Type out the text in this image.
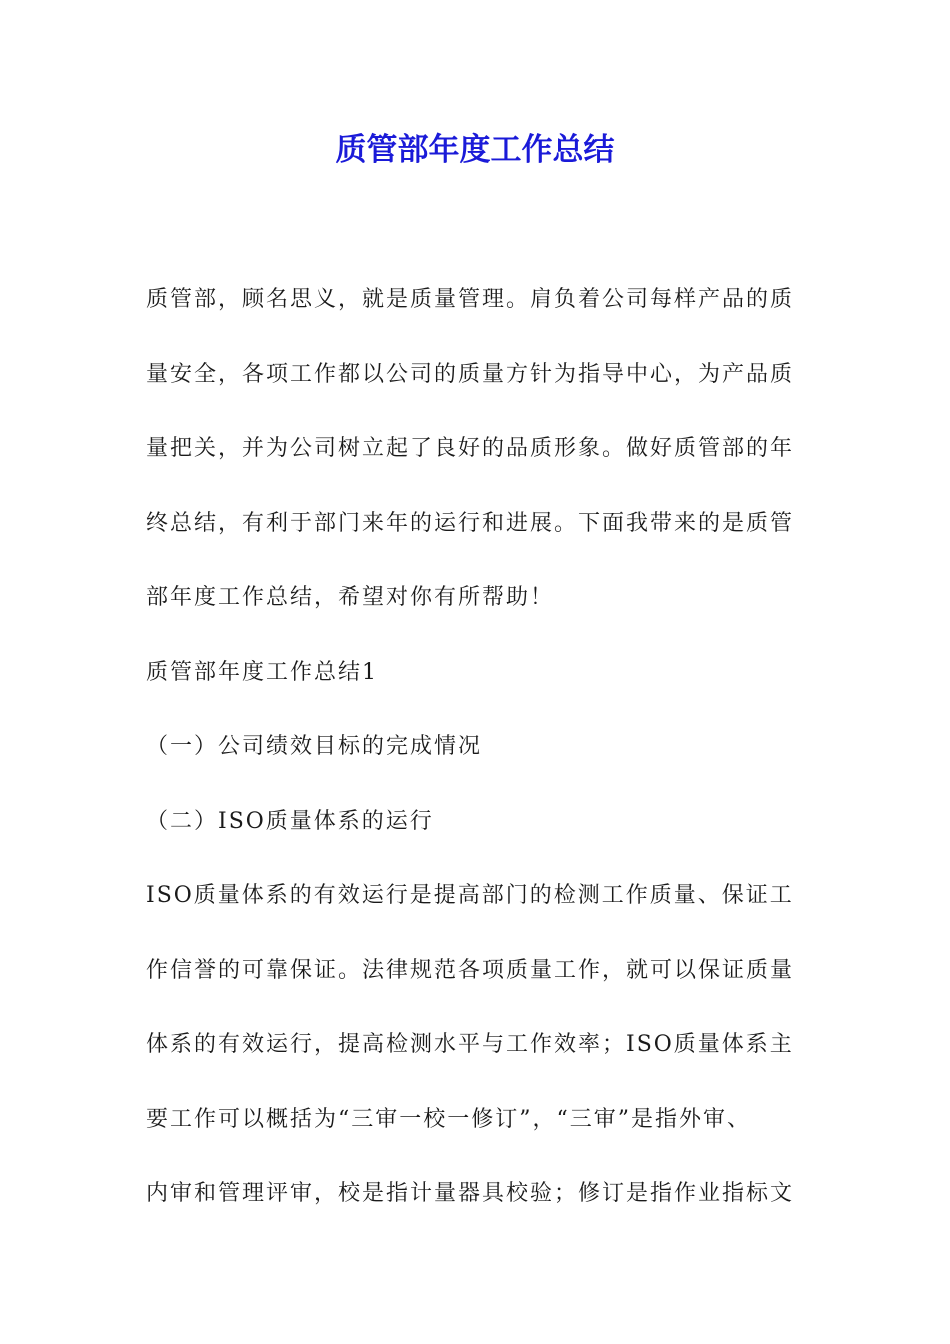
质管部年度工作总结
质管部，顾名思义，就是质量管理。肩负着公司每样产品的质
量安全，各项工作都以公司的质量方针为指导中心，为产品质
量把关，并为公司树立起了良好的品质形象。做好质管部的年
终总结，有利于部门来年的运行和进展。下面我带来的是质管
部年度工作总结，希望对你有所帮助！
质管部年度工作总结1
（一）公司绩效目标的完成情况
（二）ISO质量体系的运行
ISO质量体系的有效运行是提高部门的检测工作质量、保证工
作信誉的可靠保证。法律规范各项质量工作，就可以保证质量
体系的有效运行，提高检测水平与工作效率；ISO质量体系主
要工作可以概括为“三审一校一修订”，“三审”是指外审、
内审和管理评审，校是指计量器具校验；修订是指作业指标文
